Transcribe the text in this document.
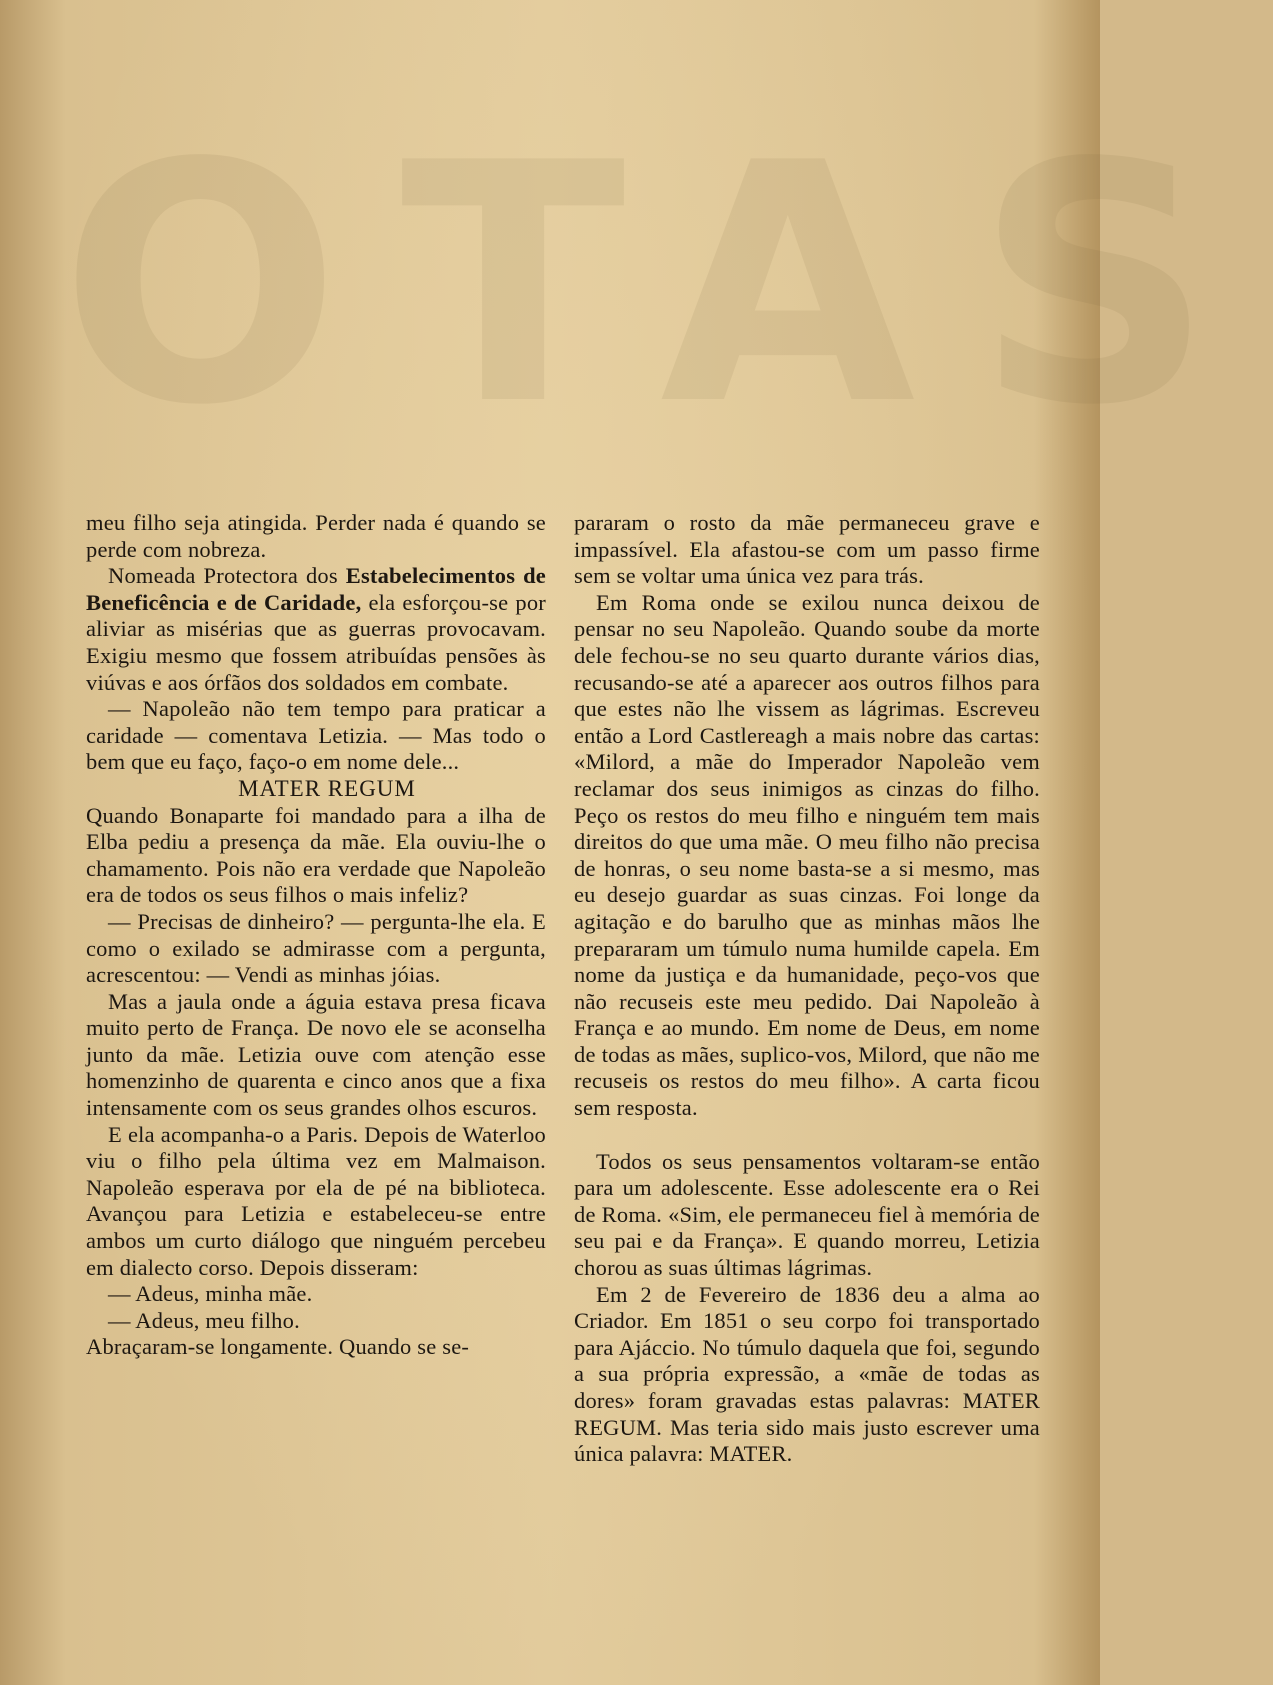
OTAS

meu filho seja atingida. Perder nada é quando se perde com nobreza.

Nomeada Protectora dos Estabelecimentos de Beneficência e de Caridade, ela esforçou-se por aliviar as misérias que as guerras provocavam. Exigiu mesmo que fossem atribuídas pensões às viúvas e aos órfãos dos soldados em combate.

— Napoleão não tem tempo para praticar a caridade — comentava Letizia. — Mas todo o bem que eu faço, faço-o em nome dele...

MATER REGUM

Quando Bonaparte foi mandado para a ilha de Elba pediu a presença da mãe. Ela ouviu-lhe o chamamento. Pois não era verdade que Napoleão era de todos os seus filhos o mais infeliz?

— Precisas de dinheiro? — pergunta-lhe ela. E como o exilado se admirasse com a pergunta, acrescentou: — Vendi as minhas jóias.

Mas a jaula onde a águia estava presa ficava muito perto de França. De novo ele se aconselha junto da mãe. Letizia ouve com atenção esse homenzinho de quarenta e cinco anos que a fixa intensamente com os seus grandes olhos escuros.

E ela acompanha-o a Paris. Depois de Waterloo viu o filho pela última vez em Malmaison. Napoleão esperava por ela de pé na biblioteca. Avançou para Letizia e estabeleceu-se entre ambos um curto diálogo que ninguém percebeu em dialecto corso. Depois disseram:

— Adeus, minha mãe.

— Adeus, meu filho.

Abraçaram-se longamente. Quando se se-

pararam o rosto da mãe permaneceu grave e impassível. Ela afastou-se com um passo firme sem se voltar uma única vez para trás.

Em Roma onde se exilou nunca deixou de pensar no seu Napoleão. Quando soube da morte dele fechou-se no seu quarto durante vários dias, recusando-se até a aparecer aos outros filhos para que estes não lhe vissem as lágrimas. Escreveu então a Lord Castlereagh a mais nobre das cartas: «Milord, a mãe do Imperador Napoleão vem reclamar dos seus inimigos as cinzas do filho. Peço os restos do meu filho e ninguém tem mais direitos do que uma mãe. O meu filho não precisa de honras, o seu nome basta-se a si mesmo, mas eu desejo guardar as suas cinzas. Foi longe da agitação e do barulho que as minhas mãos lhe prepararam um túmulo numa humilde capela. Em nome da justiça e da humanidade, peço-vos que não recuseis este meu pedido. Dai Napoleão à França e ao mundo. Em nome de Deus, em nome de todas as mães, suplico-vos, Milord, que não me recuseis os restos do meu filho». A carta ficou sem resposta.

Todos os seus pensamentos voltaram-se então para um adolescente. Esse adolescente era o Rei de Roma. «Sim, ele permaneceu fiel à memória de seu pai e da França». E quando morreu, Letizia chorou as suas últimas lágrimas.

Em 2 de Fevereiro de 1836 deu a alma ao Criador. Em 1851 o seu corpo foi transportado para Ajáccio. No túmulo daquela que foi, segundo a sua própria expressão, a «mãe de todas as dores» foram gravadas estas palavras: MATER REGUM. Mas teria sido mais justo escrever uma única palavra: MATER.
